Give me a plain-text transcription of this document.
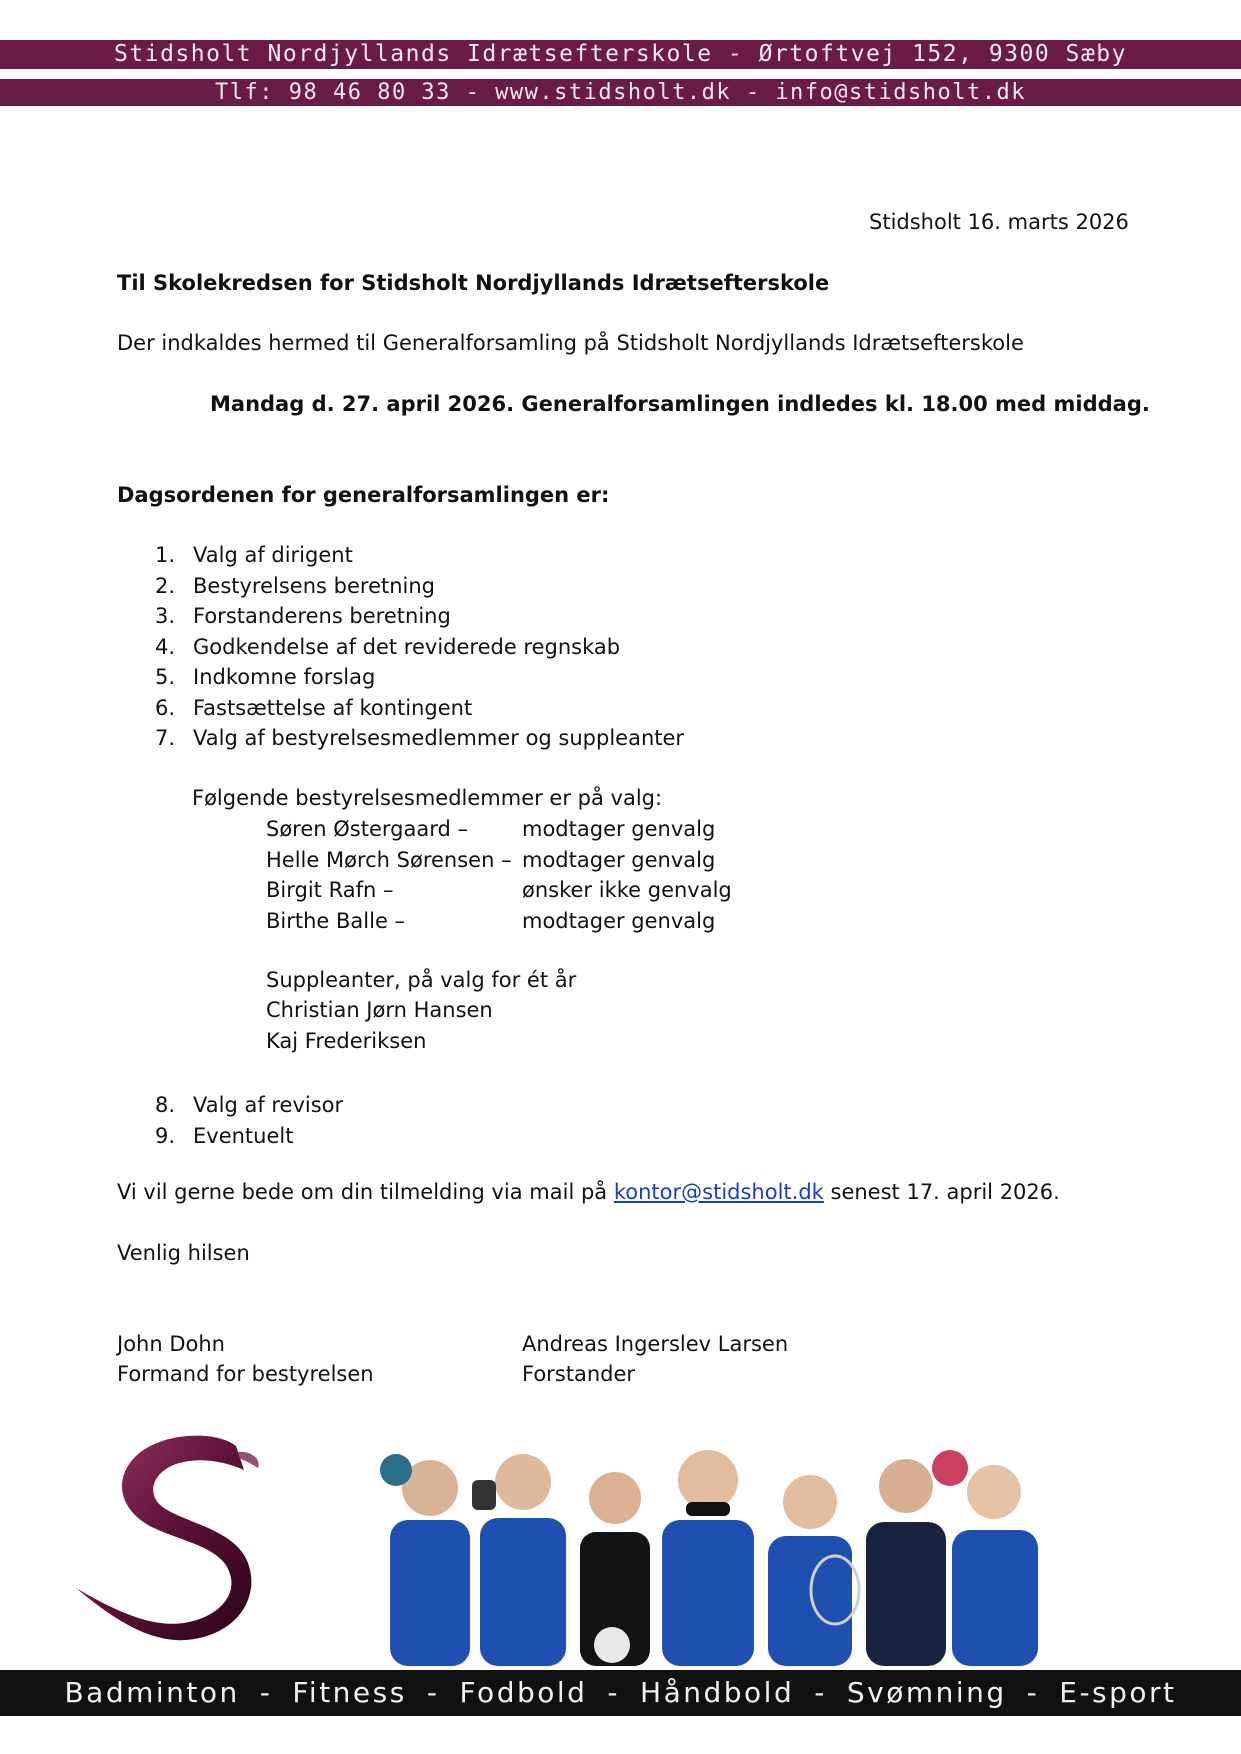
Stidsholt Nordjyllands Idrætsefterskole - Ørtoftvej 152, 9300 Sæby
Tlf: 98 46 80 33 - www.stidsholt.dk - info@stidsholt.dk
Stidsholt 16. marts 2026
Til Skolekredsen for Stidsholt Nordjyllands Idrætsefterskole
Der indkaldes hermed til Generalforsamling på Stidsholt Nordjyllands Idrætsefterskole
Mandag d. 27. april 2026. Generalforsamlingen indledes kl. 18.00 med middag.
Dagsordenen for generalforsamlingen er:
1. Valg af dirigent
2. Bestyrelsens beretning
3. Forstanderens beretning
4. Godkendelse af det reviderede regnskab
5. Indkomne forslag
6. Fastsættelse af kontingent
7. Valg af bestyrelsesmedlemmer og suppleanter
Følgende bestyrelsesmedlemmer er på valg:
Søren Østergaard –	modtager genvalg
Helle Mørch Sørensen – modtager genvalg
Birgit Rafn –	ønsker ikke genvalg
Birthe Balle –	modtager genvalg
Suppleanter, på valg for ét år
Christian Jørn Hansen
Kaj Frederiksen
8. Valg af revisor
9. Eventuelt
Vi vil gerne bede om din tilmelding via mail på kontor@stidsholt.dk senest 17. april 2026.
Venlig hilsen
John Dohn
Formand for bestyrelsen
Andreas Ingerslev Larsen
Forstander
Badminton - Fitness - Fodbold - Håndbold - Svømning - E-sport
